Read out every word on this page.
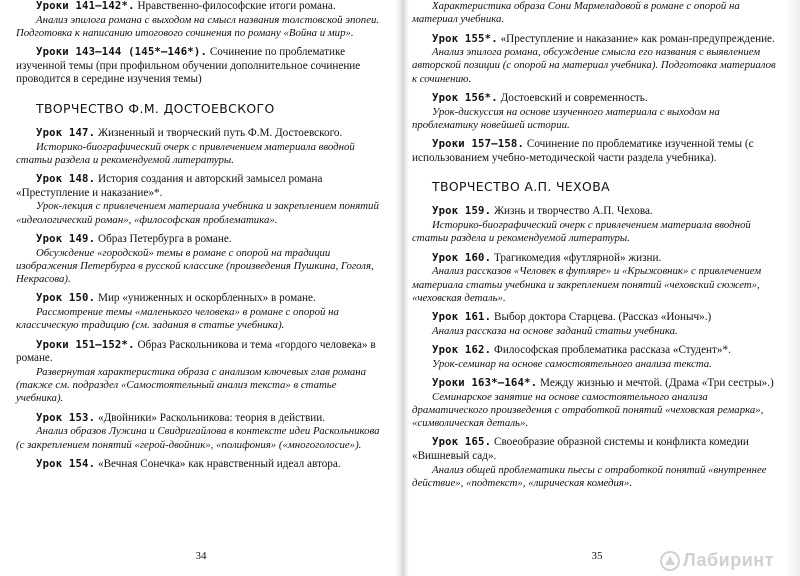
Уроки 141—142*. Нравственно-философские итоги романа.

Анализ эпилога романа с выходом на смысл названия толстовской эпопеи. Подготовка к написанию итогового сочинения по роману «Война и мир».

Уроки 143—144 (145*—146*). Сочинение по проблематике изученной темы (при профильном обучении дополнительное сочинение проводится в середине изучения темы)

ТВОРЧЕСТВО Ф.М. ДОСТОЕВСКОГО

Урок 147. Жизненный и творческий путь Ф.М. Достоевского.

Историко-биографический очерк с привлечением материала вводной статьи раздела и рекомендуемой литературы.

Урок 148. История создания и авторский замысел романа «Преступление и наказание»*.

Урок-лекция с привлечением материала учебника и закреплением понятий «идеологический роман», «философская проблематика».

Урок 149. Образ Петербурга в романе.

Обсуждение «городской» темы в романе с опорой на традиции изображения Петербурга в русской классике (произведения Пушкина, Гоголя, Некрасова).

Урок 150. Мир «униженных и оскорбленных» в романе.

Рассмотрение темы «маленького человека» в романе с опорой на классическую традицию (см. задания в статье учебника).

Уроки 151—152*. Образ Раскольникова и тема «гордого человека» в романе.

Развернутая характеристика образа с анализом ключевых глав романа (также см. подраздел «Самостоятельный анализ текста» в статье учебника).

Урок 153. «Двойники» Раскольникова: теория в действии.

Анализ образов Лужина и Свидригайлова в контексте идеи Раскольникова (с закреплением понятий «герой-двойник», «полифония» («многоголосие»).

Урок 154. «Вечная Сонечка» как нравственный идеал автора.

34

Характеристика образа Сони Мармеладовой в романе с опорой на материал учебника.

Урок 155*. «Преступление и наказание» как роман-предупреждение.

Анализ эпилога романа, обсуждение смысла его названия с выявлением авторской позиции (с опорой на материал учебника). Подготовка материалов к сочинению.

Урок 156*. Достоевский и современность.

Урок-дискуссия на основе изученного материала с выходом на проблематику новейшей истории.

Уроки 157—158. Сочинение по проблематике изученной темы (с использованием учебно-методической части раздела учебника).

ТВОРЧЕСТВО А.П. ЧЕХОВА

Урок 159. Жизнь и творчество А.П. Чехова.

Историко-биографический очерк с привлечением материала вводной статьи раздела и рекомендуемой литературы.

Урок 160. Трагикомедия «футлярной» жизни.

Анализ рассказов «Человек в футляре» и «Крыжовник» с привлечением материала статьи учебника и закреплением понятий «чеховский сюжет», «чеховская деталь».

Урок 161. Выбор доктора Старцева. (Рассказ «Ионыч».)

Анализ рассказа на основе заданий статьи учебника.

Урок 162. Философская проблематика рассказа «Студент»*.

Урок-семинар на основе самостоятельного анализа текста.

Уроки 163*—164*. Между жизнью и мечтой. (Драма «Три сестры».)

Семинарское занятие на основе самостоятельного анализа драматического произведения с отработкой понятий «чеховская ремарка», «символическая деталь».

Урок 165. Своеобразие образной системы и конфликта комедии «Вишневый сад».

Анализ общей проблематики пьесы с отработкой понятий «внутреннее действие», «подтекст», «лирическая комедия».

35	Лабиринт
